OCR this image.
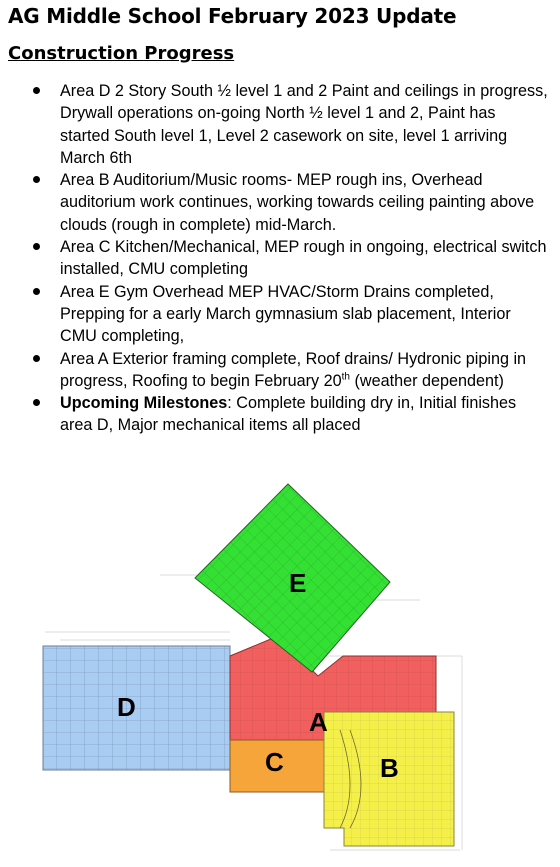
AG Middle School February 2023 Update
Construction Progress
Area D 2 Story South ½ level 1 and 2 Paint and ceilings in progress, Drywall operations on-going North ½ level 1 and 2, Paint has started South level 1, Level 2 casework on site, level 1 arriving March 6th
Area B Auditorium/Music rooms- MEP rough ins, Overhead auditorium work continues, working towards ceiling painting above clouds (rough in complete) mid-March.
Area C Kitchen/Mechanical, MEP rough in ongoing, electrical switch installed, CMU completing
Area E Gym Overhead MEP HVAC/Storm Drains completed, Prepping for a early March gymnasium slab placement, Interior CMU completing,
Area A Exterior framing complete, Roof drains/ Hydronic piping in progress, Roofing to begin February 20th (weather dependent)
Upcoming Milestones: Complete building dry in, Initial finishes area D, Major mechanical items all placed
E
A
D
C	B
